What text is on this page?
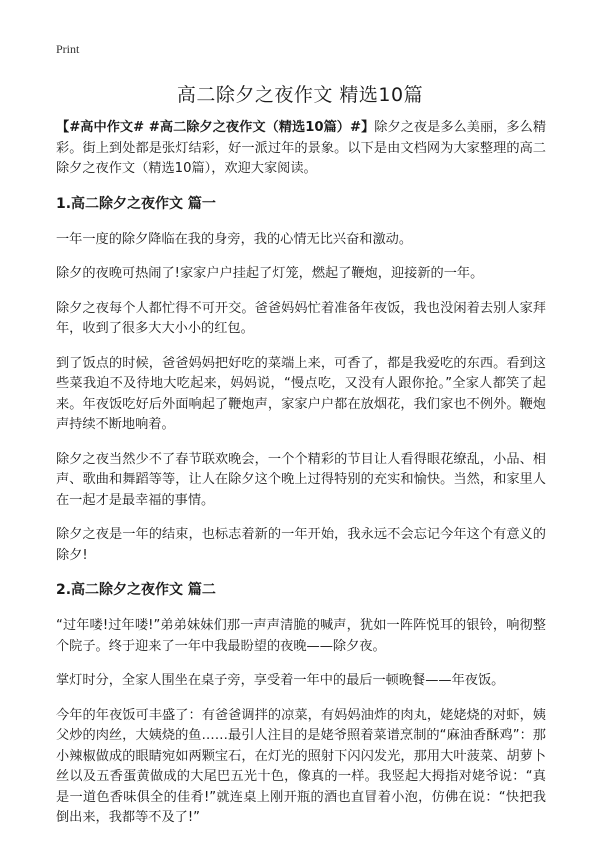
Print
高二除夕之夜作文 精选10篇

【#高中作文# #高二除夕之夜作文（精选10篇）#】除夕之夜是多么美丽，多么精彩。街上到处都是张灯结彩，好一派过年的景象。以下是由文档网为大家整理的高二除夕之夜作文（精选10篇），欢迎大家阅读。

1.高二除夕之夜作文 篇一

一年一度的除夕降临在我的身旁，我的心情无比兴奋和激动。

除夕的夜晚可热闹了!家家户户挂起了灯笼，燃起了鞭炮，迎接新的一年。

除夕之夜每个人都忙得不可开交。爸爸妈妈忙着准备年夜饭，我也没闲着去别人家拜年，收到了很多大大小小的红包。

到了饭点的时候，爸爸妈妈把好吃的菜端上来，可香了，都是我爱吃的东西。看到这些菜我迫不及待地大吃起来，妈妈说，“慢点吃，又没有人跟你抢。”全家人都笑了起来。年夜饭吃好后外面响起了鞭炮声，家家户户都在放烟花，我们家也不例外。鞭炮声持续不断地响着。

除夕之夜当然少不了春节联欢晚会，一个个精彩的节目让人看得眼花缭乱，小品、相声、歌曲和舞蹈等等，让人在除夕这个晚上过得特别的充实和愉快。当然，和家里人在一起才是最幸福的事情。

除夕之夜是一年的结束，也标志着新的一年开始，我永远不会忘记今年这个有意义的除夕!

2.高二除夕之夜作文 篇二

“过年喽!过年喽!”弟弟妹妹们那一声声清脆的喊声，犹如一阵阵悦耳的银铃，响彻整个院子。终于迎来了一年中我最盼望的夜晚——除夕夜。

掌灯时分，全家人围坐在桌子旁，享受着一年中的最后一顿晚餐——年夜饭。

今年的年夜饭可丰盛了：有爸爸调拌的凉菜，有妈妈油炸的肉丸，姥姥烧的对虾，姨父炒的肉丝，大姨烧的鱼……最引人注目的是姥爷照着菜谱烹制的“麻油香酥鸡”：那小辣椒做成的眼睛宛如两颗宝石，在灯光的照射下闪闪发光，那用大叶菠菜、胡萝卜丝以及五香蛋黄做成的大尾巴五光十色，像真的一样。我竖起大拇指对姥爷说：“真是一道色香味俱全的佳肴!”就连桌上刚开瓶的酒也直冒着小泡，仿佛在说：“快把我倒出来，我都等不及了!”
